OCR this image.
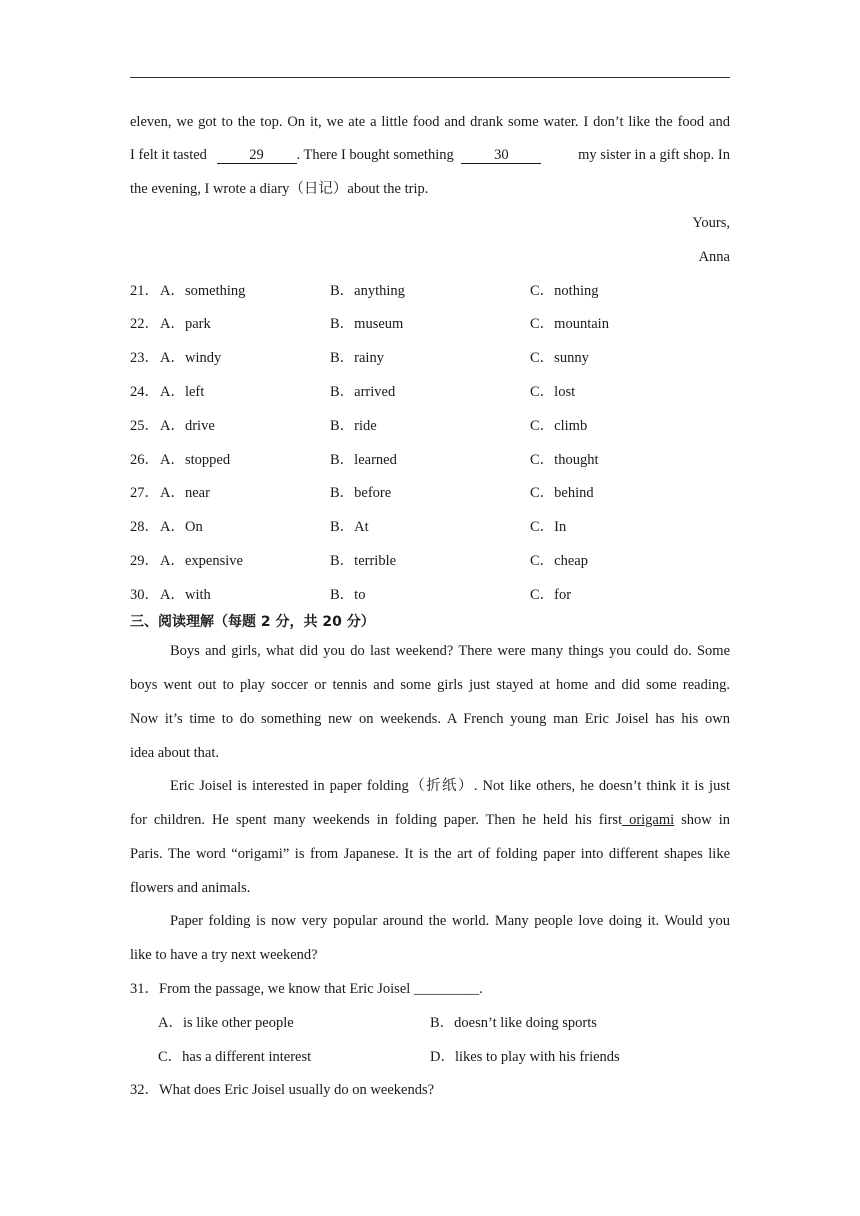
eleven, we got to the top. On it, we ate a little food and drank some water. I don’t like the food and
I felt it tasted	29 . There I bought something	30	my sister in a gift shop. In
the evening, I wrote a diary（日记）about the trip.
Yours,
Anna
21． A．something	B．anything	C．nothing
22． A．park	B．museum	C．mountain
23． A．windy	B．rainy	C．sunny
24． A．left	B．arrived	C．lost
25． A．drive	B．ride	C．climb
26． A．stopped	B．learned	C．thought
27． A．near	B．before	C．behind
28． A．On	B．At	C．In
29． A．expensive	B．terrible	C．cheap
30． A．with	B．to	C．for
三、阅读理解（每题 2 分，共 20 分）
Boys and girls, what did you do last weekend? There were many things you could do. Some
boys went out to play soccer or tennis and some girls just stayed at home and did some reading.
Now it’s time to do something new on weekends. A French young man Eric Joisel has his own
idea about that.
Eric Joisel is interested in paper folding（折纸）. Not like others, he doesn’t think it is just
for children. He spent many weekends in folding paper. Then he held his first origami show in
Paris. The word “origami” is from Japanese. It is the art of folding paper into different shapes like
flowers and animals.
Paper folding is now very popular around the world. Many people love doing it. Would you
like to have a try next weekend?
31．From the passage, we know that Eric Joisel _________.
A．is like other people	B．doesn’t like doing sports
C．has a different interest	D．likes to play with his friends
32．What does Eric Joisel usually do on weekends?
